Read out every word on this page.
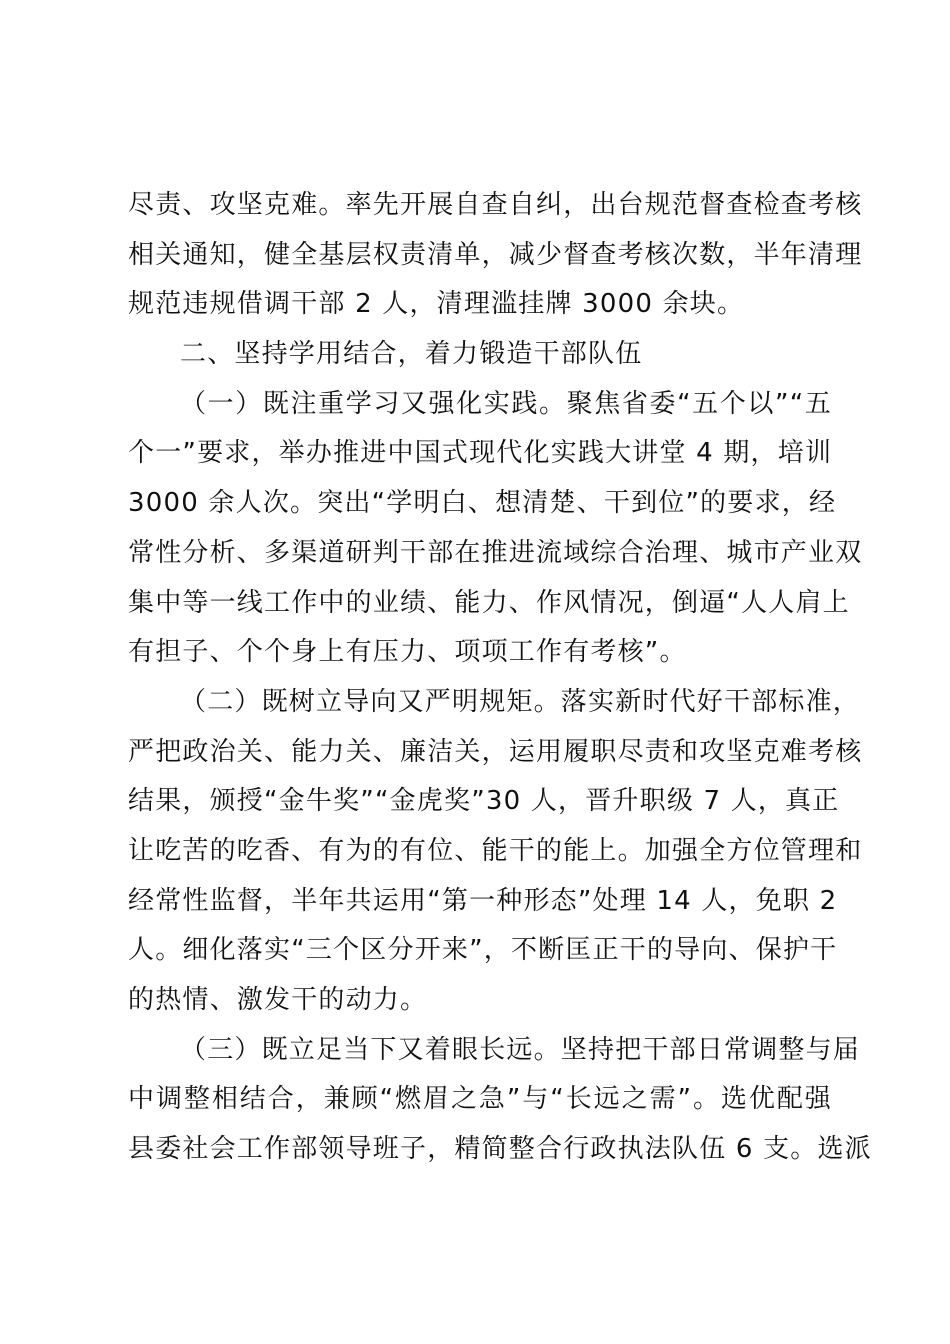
尽责、攻坚克难。率先开展自查自纠，出台规范督查检查考核
相关通知，健全基层权责清单，减少督查考核次数，半年清理
规范违规借调干部 2 人，清理滥挂牌 3000 余块。
二、坚持学用结合，着力锻造干部队伍
（一）既注重学习又强化实践。聚焦省委“五个以”“五
个一”要求，举办推进中国式现代化实践大讲堂 4 期，培训
3000 余人次。突出“学明白、想清楚、干到位”的要求，经
常性分析、多渠道研判干部在推进流域综合治理、城市产业双
集中等一线工作中的业绩、能力、作风情况，倒逼“人人肩上
有担子、个个身上有压力、项项工作有考核”。
（二）既树立导向又严明规矩。落实新时代好干部标准，
严把政治关、能力关、廉洁关，运用履职尽责和攻坚克难考核
结果，颁授“金牛奖”“金虎奖”30 人，晋升职级 7 人，真正
让吃苦的吃香、有为的有位、能干的能上。加强全方位管理和
经常性监督，半年共运用“第一种形态”处理 14 人，免职 2
人。细化落实“三个区分开来”，不断匡正干的导向、保护干
的热情、激发干的动力。
（三）既立足当下又着眼长远。坚持把干部日常调整与届
中调整相结合，兼顾“燃眉之急”与“长远之需”。选优配强
县委社会工作部领导班子，精简整合行政执法队伍 6 支。选派
